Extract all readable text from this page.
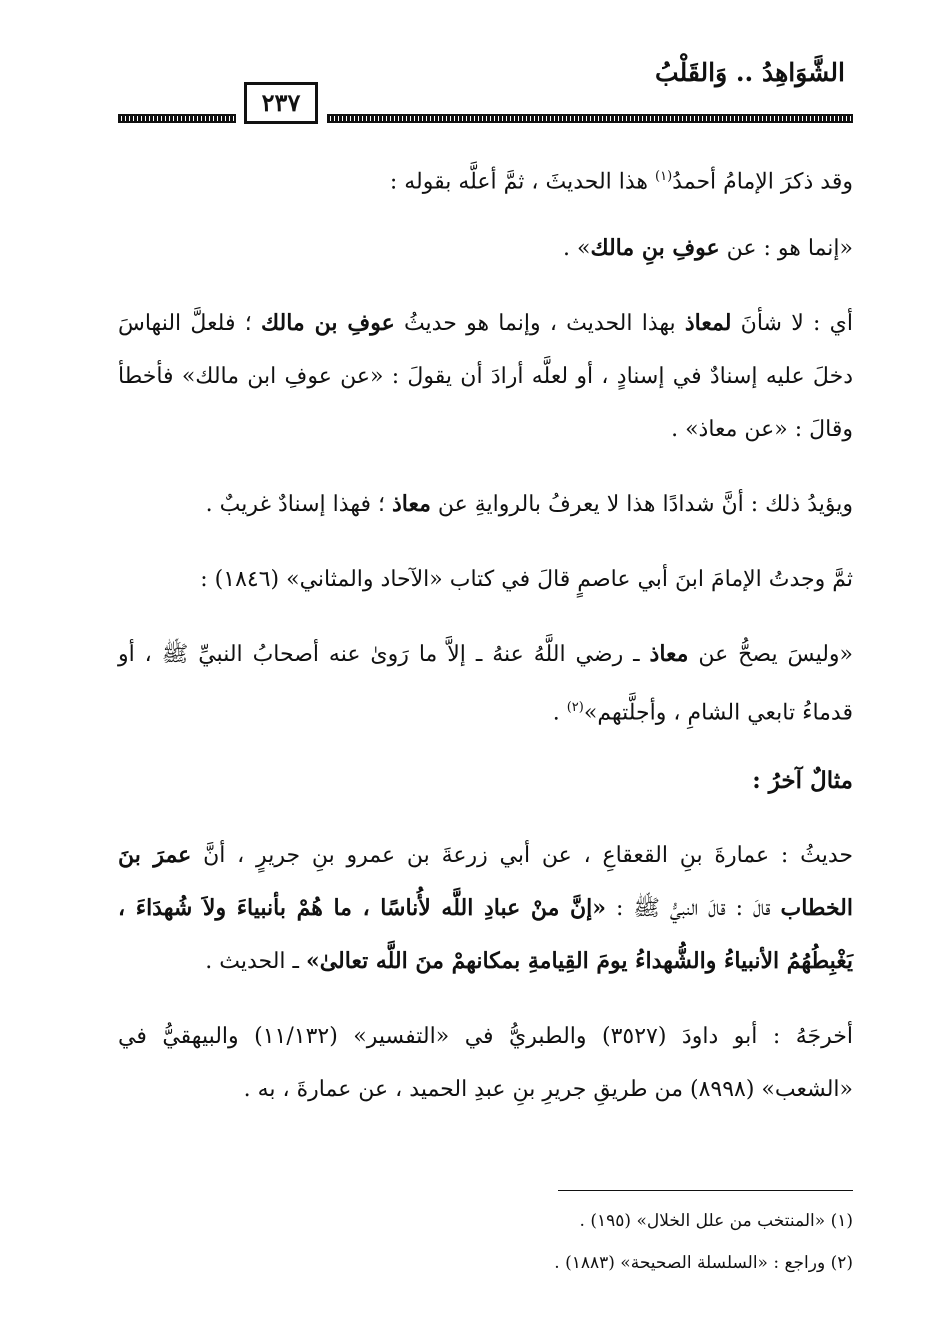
الشَّوَاهِدُ .. وَالقَلْبُ
٢٣٧

وقد ذكرَ الإمامُ أحمدُ$^{(١)}$ هذا الحديثَ ، ثمَّ أعلَّه بقوله :

«إنما هو : عن عوفِ بنِ مالك» .

أي : لا شأنَ لمعاذ بهذا الحديث ، وإنما هو حديثُ عوفِ بن مالك ؛ فلعلَّ النهاسَ دخلَ عليه إسنادٌ في إسنادٍ ، أو لعلَّه أرادَ أن يقولَ : «عن عوفِ ابن مالك» فأخطأ وقالَ : «عن معاذ» .

ويؤيدُ ذلك : أنَّ شدادًا هذا لا يعرفُ بالروايةِ عن معاذ ؛ فهذا إسنادٌ غريبٌ .

ثمَّ وجدتُ الإمامَ ابنَ أبي عاصمٍ قالَ في كتاب «الآحاد والمثاني» (١٨٤٦) :

«وليسَ يصحُّ عن معاذ ـ رضي اللَّهُ عنهُ ـ إلاَّ ما رَوىٰ عنه أصحابُ النبيِّ ﷺ ، أو قدماءُ تابعي الشامِ ، وأجلَّتهم»$^{(٢)}$ .

مثالٌ آخرُ :

حديثُ : عمارةَ بنِ القعقاعِ ، عن أبي زرعةَ بن عمرو بنِ جريرٍ ، أنَّ عمرَ بنَ الخطاب قالَ : قالَ النبيُّ ﷺ : «إنَّ منْ عبادِ اللَّه لأُناسًا ، ما هُمْ بأنبياءَ ولاَ شُهدَاءَ ، يَغْبِطُهُمُ الأنبياءُ والشُّهداءُ يومَ القِيامةِ بمكانهمْ منَ اللَّه تعالىٰ» ـ الحديث .

أخرجَهُ : أبو داودَ (٣٥٢٧) والطبريُّ في «التفسير» (١١/١٣٢) والبيهقيُّ في «الشعب» (٨٩٩٨) من طريقِ جريرِ بنِ عبدِ الحميد ، عن عمارةَ ، به .

(١) «المنتخب من علل الخلال» (١٩٥) .
(٢) وراجع : «السلسلة الصحيحة» (١٨٨٣) .
